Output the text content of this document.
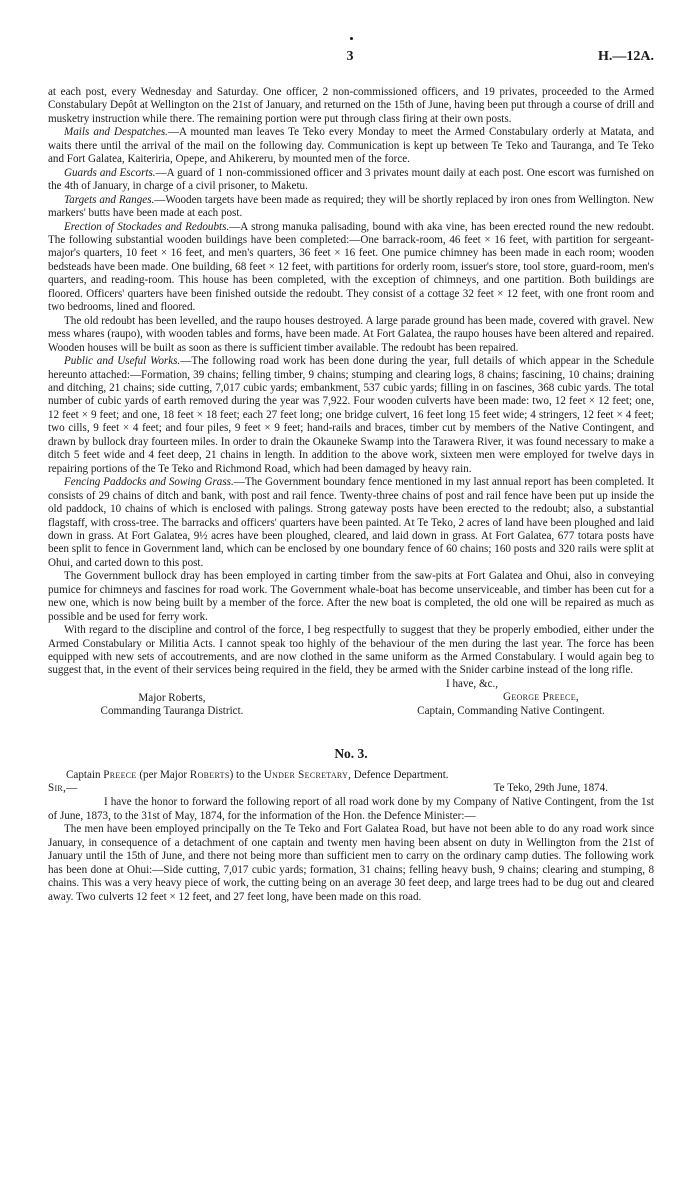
3	H.—12A.

at each post, every Wednesday and Saturday. One officer, 2 non-commissioned officers, and 19 privates, proceeded to the Armed Constabulary Depôt at Wellington on the 21st of January, and returned on the 15th of June, having been put through a course of drill and musketry instruction while there. The remaining portion were put through class firing at their own posts.

Mails and Despatches.—A mounted man leaves Te Teko every Monday to meet the Armed Constabulary orderly at Matata, and waits there until the arrival of the mail on the following day. Communication is kept up between Te Teko and Tauranga, and Te Teko and Fort Galatea, Kaiteriria, Opepe, and Ahikereru, by mounted men of the force.

Guards and Escorts.—A guard of 1 non-commissioned officer and 3 privates mount daily at each post. One escort was furnished on the 4th of January, in charge of a civil prisoner, to Maketu.

Targets and Ranges.—Wooden targets have been made as required; they will be shortly replaced by iron ones from Wellington. New markers' butts have been made at each post.

Erection of Stockades and Redoubts.—A strong manuka palisading, bound with aka vine, has been erected round the new redoubt. The following substantial wooden buildings have been completed:—One barrack-room, 46 feet × 16 feet, with partition for sergeant-major's quarters, 10 feet × 16 feet, and men's quarters, 36 feet × 16 feet. One pumice chimney has been made in each room; wooden bedsteads have been made. One building, 68 feet × 12 feet, with partitions for orderly room, issuer's store, tool store, guard-room, men's quarters, and reading-room. This house has been completed, with the exception of chimneys, and one partition. Both buildings are floored. Officers' quarters have been finished outside the redoubt. They consist of a cottage 32 feet × 12 feet, with one front room and two bedrooms, lined and floored.

The old redoubt has been levelled, and the raupo houses destroyed. A large parade ground has been made, covered with gravel. New mess whares (raupo), with wooden tables and forms, have been made. At Fort Galatea, the raupo houses have been altered and repaired. Wooden houses will be built as soon as there is sufficient timber available. The redoubt has been repaired.

Public and Useful Works.—The following road work has been done during the year, full details of which appear in the Schedule hereunto attached:—Formation, 39 chains; felling timber, 9 chains; stumping and clearing logs, 8 chains; fascining, 10 chains; draining and ditching, 21 chains; side cutting, 7,017 cubic yards; embankment, 537 cubic yards; filling in on fascines, 368 cubic yards. The total number of cubic yards of earth removed during the year was 7,922. Four wooden culverts have been made: two, 12 feet × 12 feet; one, 12 feet × 9 feet; and one, 18 feet × 18 feet; each 27 feet long; one bridge culvert, 16 feet long 15 feet wide; 4 stringers, 12 feet × 4 feet; two cills, 9 feet × 4 feet; and four piles, 9 feet × 9 feet; hand-rails and braces, timber cut by members of the Native Contingent, and drawn by bullock dray fourteen miles. In order to drain the Okauneke Swamp into the Tarawera River, it was found necessary to make a ditch 5 feet wide and 4 feet deep, 21 chains in length. In addition to the above work, sixteen men were employed for twelve days in repairing portions of the Te Teko and Richmond Road, which had been damaged by heavy rain.

Fencing Paddocks and Sowing Grass.—The Government boundary fence mentioned in my last annual report has been completed. It consists of 29 chains of ditch and bank, with post and rail fence. Twenty-three chains of post and rail fence have been put up inside the old paddock, 10 chains of which is enclosed with palings. Strong gateway posts have been erected to the redoubt; also, a substantial flagstaff, with cross-tree. The barracks and officers' quarters have been painted. At Te Teko, 2 acres of land have been ploughed and laid down in grass. At Fort Galatea, 9½ acres have been ploughed, cleared, and laid down in grass. At Fort Galatea, 677 totara posts have been split to fence in Government land, which can be enclosed by one boundary fence of 60 chains; 160 posts and 320 rails were split at Ohui, and carted down to this post.

The Government bullock dray has been employed in carting timber from the saw-pits at Fort Galatea and Ohui, also in conveying pumice for chimneys and fascines for road work. The Government whale-boat has become unserviceable, and timber has been cut for a new one, which is now being built by a member of the force. After the new boat is completed, the old one will be repaired as much as possible and be used for ferry work.

With regard to the discipline and control of the force, I beg respectfully to suggest that they be properly embodied, either under the Armed Constabulary or Militia Acts. I cannot speak too highly of the behaviour of the men during the last year. The force has been equipped with new sets of accoutrements, and are now clothed in the same uniform as the Armed Constabulary. I would again beg to suggest that, in the event of their services being required in the field, they be armed with the Snider carbine instead of the long rifle.

I have, &c.,
George Preece,
Captain, Commanding Native Contingent.
Major Roberts,
Commanding Tauranga District.
No. 3.

Captain Preece (per Major Roberts) to the Under Secretary, Defence Department.

Sir,—	Te Teko, 29th June, 1874.

I have the honor to forward the following report of all road work done by my Company of Native Contingent, from the 1st of June, 1873, to the 31st of May, 1874, for the information of the Hon. the Defence Minister:—

The men have been employed principally on the Te Teko and Fort Galatea Road, but have not been able to do any road work since January, in consequence of a detachment of one captain and twenty men having been absent on duty in Wellington from the 21st of January until the 15th of June, and there not being more than sufficient men to carry on the ordinary camp duties. The following work has been done at Ohui:—Side cutting, 7,017 cubic yards; formation, 31 chains; felling heavy bush, 9 chains; clearing and stumping, 8 chains. This was a very heavy piece of work, the cutting being on an average 30 feet deep, and large trees had to be dug out and cleared away. Two culverts 12 feet × 12 feet, and 27 feet long, have been made on this road.
